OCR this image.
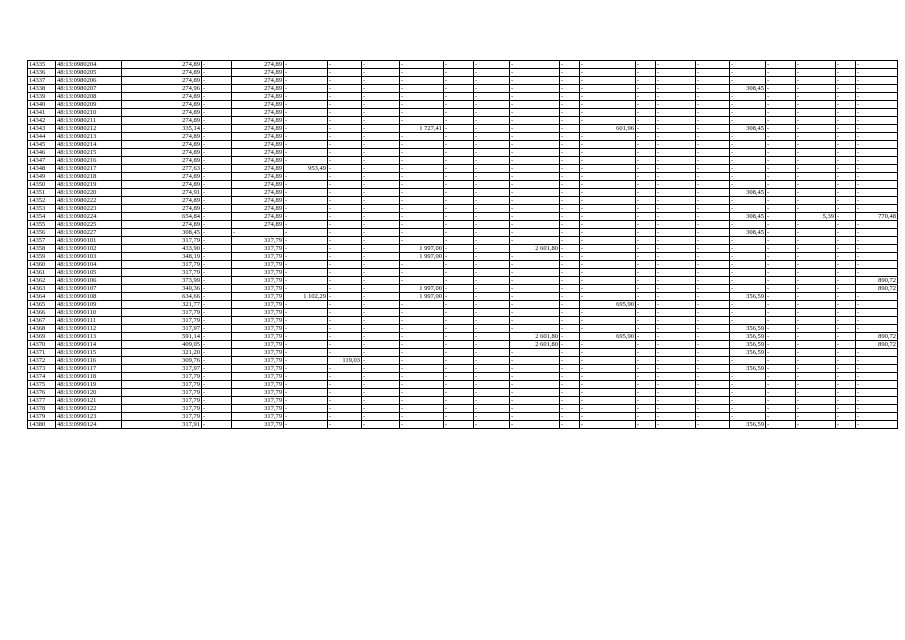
14335	48:13:0980204	274,89	-	274,89	-	-	-	-	-	-	-	-	-	-	-	-	-	-	-	-	-
14336	48:13:0980205	274,89	-	274,89	-	-	-	-	-	-	-	-	-	-	-	-	-	-	-	-	-
14337	48:13:0980206	274,89	-	274,89	-	-	-	-	-	-	-	-	-	-	-	-	-	-	-	-	-
14338	48:13:0980207	274,96	-	274,89	-	-	-	-	-	-	-	-	-	-	-	-	308,45	-	-	-	-
14339	48:13:0980208	274,89	-	274,89	-	-	-	-	-	-	-	-	-	-	-	-	-	-	-	-	-
14340	48:13:0980209	274,89	-	274,89	-	-	-	-	-	-	-	-	-	-	-	-	-	-	-	-	-
14341	48:13:0980210	274,89	-	274,89	-	-	-	-	-	-	-	-	-	-	-	-	-	-	-	-	-
14342	48:13:0980211	274,89	-	274,89	-	-	-	-	-	-	-	-	-	-	-	-	-	-	-	-	-
14343	48:13:0980212	335,14	-	274,89	-	-	-	1 727,41	-	-	-	-	601,96	-	-	-	308,45	-	-	-	-
14344	48:13:0980213	274,89	-	274,89	-	-	-	-	-	-	-	-	-	-	-	-	-	-	-	-	-
14345	48:13:0980214	274,89	-	274,89	-	-	-	-	-	-	-	-	-	-	-	-	-	-	-	-	-
14346	48:13:0980215	274,89	-	274,89	-	-	-	-	-	-	-	-	-	-	-	-	-	-	-	-	-
14347	48:13:0980216	274,89	-	274,89	-	-	-	-	-	-	-	-	-	-	-	-	-	-	-	-	-
14348	48:13:0980217	277,63	-	274,89	953,49	-	-	-	-	-	-	-	-	-	-	-	-	-	-	-	-
14349	48:13:0980218	274,89	-	274,89	-	-	-	-	-	-	-	-	-	-	-	-	-	-	-	-	-
14350	48:13:0980219	274,89	-	274,89	-	-	-	-	-	-	-	-	-	-	-	-	-	-	-	-	-
14351	48:13:0980220	274,91	-	274,89	-	-	-	-	-	-	-	-	-	-	-	-	308,45	-	-	-	-
14352	48:13:0980222	274,89	-	274,89	-	-	-	-	-	-	-	-	-	-	-	-	-	-	-	-	-
14353	48:13:0980223	274,89	-	274,89	-	-	-	-	-	-	-	-	-	-	-	-	-	-	-	-	-
14354	48:13:0980224	654,84	-	274,89	-	-	-	-	-	-	-	-	-	-	-	-	308,45	-	5,39	-	770,48
14355	48:13:0980225	274,89	-	274,89	-	-	-	-	-	-	-	-	-	-	-	-	-	-	-	-	-
14356	48:13:0980227	308,45	-	-	-	-	-	-	-	-	-	-	-	-	-	-	308,45	-	-	-	-
14357	48:13:0990101	317,79	-	317,79	-	-	-	-	-	-	-	-	-	-	-	-	-	-	-	-	-
14358	48:13:0990102	433,90	-	317,79	-	-	-	1 997,00	-	-	2 601,80	-	-	-	-	-	-	-	-	-	-
14359	48:13:0990103	348,19	-	317,79	-	-	-	1 997,00	-	-	-	-	-	-	-	-	-	-	-	-	-
14360	48:13:0990104	317,79	-	317,79	-	-	-	-	-	-	-	-	-	-	-	-	-	-	-	-	-
14361	48:13:0990105	317,79	-	317,79	-	-	-	-	-	-	-	-	-	-	-	-	-	-	-	-	-
14362	48:13:0990106	373,99	-	317,79	-	-	-	-	-	-	-	-	-	-	-	-	-	-	-	-	890,72
14363	48:13:0990107	340,36	-	317,79	-	-	-	1 997,00	-	-	-	-	-	-	-	-	-	-	-	-	890,72
14364	48:13:0990108	634,66	-	317,79	1 102,29	-	-	1 997,00	-	-	-	-	-	-	-	-	356,59	-	-	-	-
14365	48:13:0990109	321,77	-	317,79	-	-	-	-	-	-	-	-	695,90	-	-	-	-	-	-	-	-
14366	48:13:0990110	317,79	-	317,79	-	-	-	-	-	-	-	-	-	-	-	-	-	-	-	-	-
14367	48:13:0990111	317,79	-	317,79	-	-	-	-	-	-	-	-	-	-	-	-	-	-	-	-	-
14368	48:13:0990112	317,97	-	317,79	-	-	-	-	-	-	-	-	-	-	-	-	356,59	-	-	-	-
14369	48:13:0990113	591,14	-	317,79	-	-	-	-	-	-	2 601,80	-	695,90	-	-	-	356,59	-	-	-	890,72
14370	48:13:0990114	409,05	-	317,79	-	-	-	-	-	-	2 601,80	-	-	-	-	-	356,59	-	-	-	890,72
14371	48:13:0990115	321,20	-	317,79	-	-	-	-	-	-	-	-	-	-	-	-	356,59	-	-	-	-
14372	48:13:0990116	309,76	-	317,79	-	119,03	-	-	-	-	-	-	-	-	-	-	-	-	-	-	-
14373	48:13:0990117	317,97	-	317,79	-	-	-	-	-	-	-	-	-	-	-	-	356,59	-	-	-	-
14374	48:13:0990118	317,79	-	317,79	-	-	-	-	-	-	-	-	-	-	-	-	-	-	-	-	-
14375	48:13:0990119	317,79	-	317,79	-	-	-	-	-	-	-	-	-	-	-	-	-	-	-	-	-
14376	48:13:0990120	317,79	-	317,79	-	-	-	-	-	-	-	-	-	-	-	-	-	-	-	-	-
14377	48:13:0990121	317,79	-	317,79	-	-	-	-	-	-	-	-	-	-	-	-	-	-	-	-	-
14378	48:13:0990122	317,79	-	317,79	-	-	-	-	-	-	-	-	-	-	-	-	-	-	-	-	-
14379	48:13:0990123	317,79	-	317,79	-	-	-	-	-	-	-	-	-	-	-	-	-	-	-	-	-
14380	48:13:0990124	317,91	-	317,79	-	-	-	-	-	-	-	-	-	-	-	-	356,59	-	-	-	-
